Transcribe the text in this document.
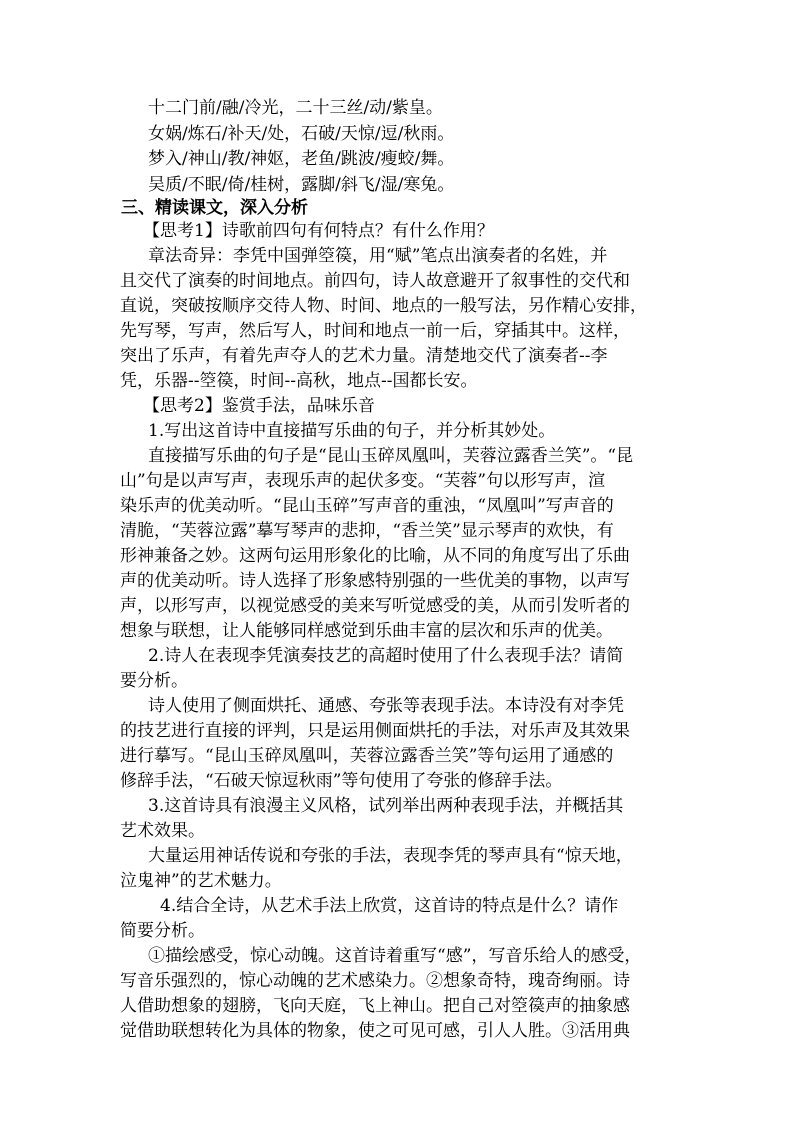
十二门前/融/冷光，二十三丝/动/紫皇。
女娲/炼石/补天/处，石破/天惊/逗/秋雨。
梦入/神山/教/神妪，老鱼/跳波/瘦蛟/舞。
吴质/不眠/倚/桂树，露脚/斜飞/湿/寒兔。
三、精读课文，深入分析
【思考1】诗歌前四句有何特点？有什么作用？
章法奇异：李凭中国弹箜篌，用“赋”笔点出演奏者的名姓，并
且交代了演奏的时间地点。前四句，诗人故意避开了叙事性的交代和
直说，突破按顺序交待人物、时间、地点的一般写法，另作精心安排，
先写琴，写声，然后写人，时间和地点一前一后，穿插其中。这样，
突出了乐声，有着先声夺人的艺术力量。清楚地交代了演奏者--李
凭，乐器--箜篌，时间--高秋，地点--国都长安。
【思考2】鉴赏手法，品味乐音
1.写出这首诗中直接描写乐曲的句子，并分析其妙处。
直接描写乐曲的句子是“昆山玉碎凤凰叫，芙蓉泣露香兰笑”。“昆
山”句是以声写声，表现乐声的起伏多变。“芙蓉”句以形写声，渲
染乐声的优美动听。“昆山玉碎”写声音的重浊，“凤凰叫”写声音的
清脆，“芙蓉泣露”摹写琴声的悲抑，“香兰笑”显示琴声的欢快，有
形神兼备之妙。这两句运用形象化的比喻，从不同的角度写出了乐曲
声的优美动听。诗人选择了形象感特别强的一些优美的事物，以声写
声，以形写声，以视觉感受的美来写听觉感受的美，从而引发听者的
想象与联想，让人能够同样感觉到乐曲丰富的层次和乐声的优美。
2.诗人在表现李凭演奏技艺的高超时使用了什么表现手法？请简
要分析。
诗人使用了侧面烘托、通感、夸张等表现手法。本诗没有对李凭
的技艺进行直接的评判，只是运用侧面烘托的手法，对乐声及其效果
进行摹写。“昆山玉碎凤凰叫，芙蓉泣露香兰笑”等句运用了通感的
修辞手法，“石破天惊逗秋雨”等句使用了夸张的修辞手法。
3.这首诗具有浪漫主义风格，试列举出两种表现手法，并概括其
艺术效果。
大量运用神话传说和夸张的手法，表现李凭的琴声具有“惊天地，
泣鬼神”的艺术魅力。
4.结合全诗，从艺术手法上欣赏，这首诗的特点是什么？请作
简要分析。
①描绘感受，惊心动魄。这首诗着重写“感”，写音乐给人的感受，
写音乐强烈的，惊心动魄的艺术感染力。②想象奇特，瑰奇绚丽。诗
人借助想象的翅膀，飞向天庭，飞上神山。把自己对箜篌声的抽象感
觉借助联想转化为具体的物象，使之可见可感，引人人胜。③活用典
